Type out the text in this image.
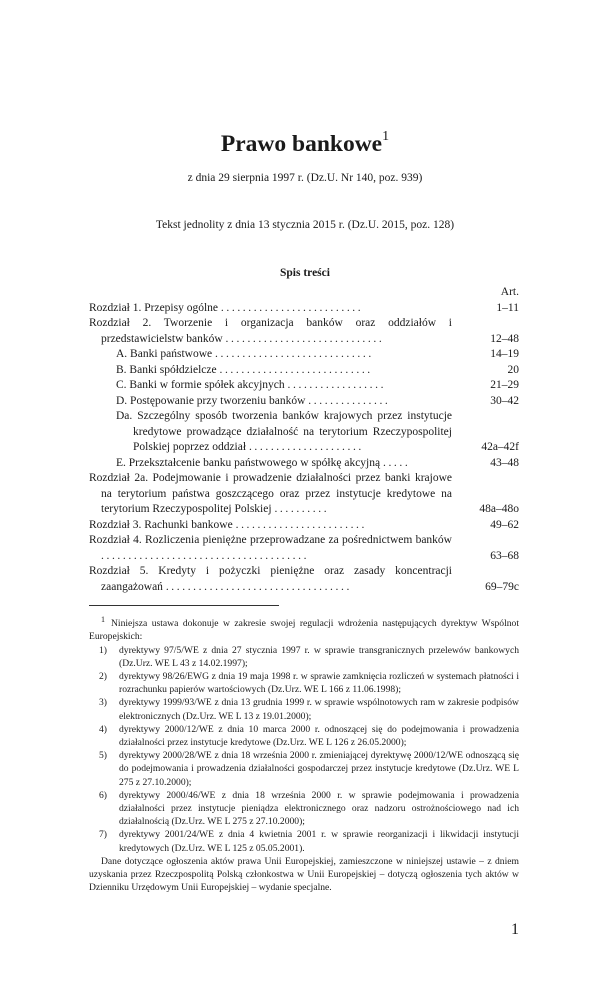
Prawo bankowe$^1$
z dnia 29 sierpnia 1997 r. (Dz.U. Nr 140, poz. 939)
Tekst jednolity z dnia 13 stycznia 2015 r. (Dz.U. 2015, poz. 128)
Spis treści
Art.
Rozdział 1. Przepisy ogólne ..........................	1–11
Rozdział 2. Tworzenie i organizacja banków oraz oddziałów i przedstawicielstw banków .............................	12–48
A. Banki państwowe .............................	14–19
B. Banki spółdzielcze ............................	20
C. Banki w formie spółek akcyjnych ..................	21–29
D. Postępowanie przy tworzeniu banków ...............	30–42
Da. Szczególny sposób tworzenia banków krajowych przez instytucje kredytowe prowadzące działalność na terytorium Rzeczypospolitej Polskiej poprzez oddział .....................	42a–42f
E. Przekształcenie banku państwowego w spółkę akcyjną .....	43–48
Rozdział 2a. Podejmowanie i prowadzenie działalności przez banki krajowe na terytorium państwa goszczącego oraz przez instytucje kredytowe na terytorium Rzeczypospolitej Polskiej ..........	48a–48o
Rozdział 3. Rachunki bankowe ........................	49–62
Rozdział 4. Rozliczenia pieniężne przeprowadzane za pośrednictwem banków ......................................	63–68
Rozdział 5. Kredyty i pożyczki pieniężne oraz zasady koncentracji zaangażowań ..................................	69–79c

$^1$ Niniejsza ustawa dokonuje w zakresie swojej regulacji wdrożenia następujących dyrektyw Wspólnot Europejskich:

1) dyrektywy 97/5/WE z dnia 27 stycznia 1997 r. w sprawie transgranicznych przelewów bankowych (Dz.Urz. WE L 43 z 14.02.1997);

2) dyrektywy 98/26/EWG z dnia 19 maja 1998 r. w sprawie zamknięcia rozliczeń w systemach płatności i rozrachunku papierów wartościowych (Dz.Urz. WE L 166 z 11.06.1998);

3) dyrektywy 1999/93/WE z dnia 13 grudnia 1999 r. w sprawie wspólnotowych ram w zakresie podpisów elektronicznych (Dz.Urz. WE L 13 z 19.01.2000);

4) dyrektywy 2000/12/WE z dnia 10 marca 2000 r. odnoszącej się do podejmowania i prowadzenia działalności przez instytucje kredytowe (Dz.Urz. WE L 126 z 26.05.2000);

5) dyrektywy 2000/28/WE z dnia 18 września 2000 r. zmieniającej dyrektywę 2000/12/WE odnoszącą się do podejmowania i prowadzenia działalności gospodarczej przez instytucje kredytowe (Dz.Urz. WE L 275 z 27.10.2000);

6) dyrektywy 2000/46/WE z dnia 18 września 2000 r. w sprawie podejmowania i prowadzenia działalności przez instytucje pieniądza elektronicznego oraz nadzoru ostrożnościowego nad ich działalnością (Dz.Urz. WE L 275 z 27.10.2000);

7) dyrektywy 2001/24/WE z dnia 4 kwietnia 2001 r. w sprawie reorganizacji i likwidacji instytucji kredytowych (Dz.Urz. WE L 125 z 05.05.2001).

Dane dotyczące ogłoszenia aktów prawa Unii Europejskiej, zamieszczone w niniejszej ustawie – z dniem uzyskania przez Rzeczpospolitą Polską członkostwa w Unii Europejskiej – dotyczą ogłoszenia tych aktów w Dzienniku Urzędowym Unii Europejskiej – wydanie specjalne.

1
